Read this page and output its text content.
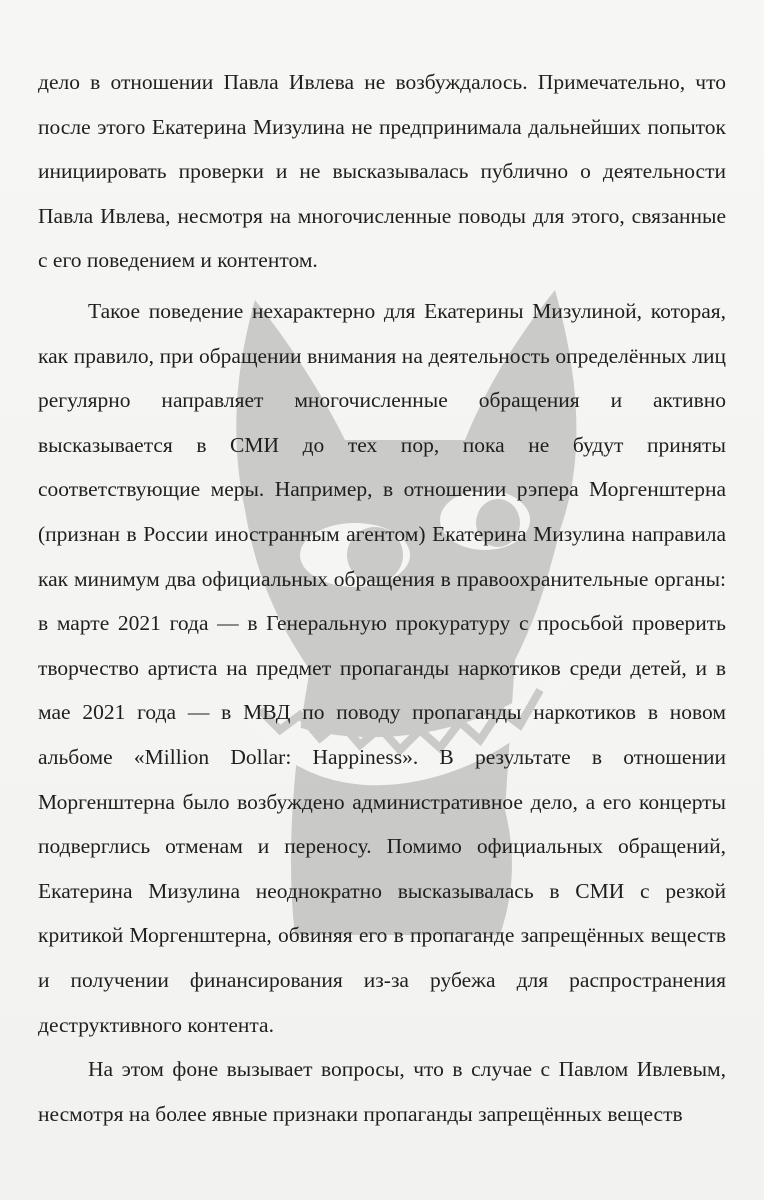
дело в отношении Павла Ивлева не возбуждалось. Примечательно, что после этого Екатерина Мизулина не предпринимала дальнейших попыток инициировать проверки и не высказывалась публично о деятельности Павла Ивлева, несмотря на многочисленные поводы для этого, связанные с его поведением и контентом.

Такое поведение нехарактерно для Екатерины Мизулиной, которая, как правило, при обращении внимания на деятельность определённых лиц регулярно направляет многочисленные обращения и активно высказывается в СМИ до тех пор, пока не будут приняты соответствующие меры. Например, в отношении рэпера Моргенштерна (признан в России иностранным агентом) Екатерина Мизулина направила как минимум два официальных обращения в правоохранительные органы: в марте 2021 года — в Генеральную прокуратуру с просьбой проверить творчество артиста на предмет пропаганды наркотиков среди детей, и в мае 2021 года — в МВД по поводу пропаганды наркотиков в новом альбоме «Million Dollar: Happiness». В результате в отношении Моргенштерна было возбуждено административное дело, а его концерты подверглись отменам и переносу. Помимо официальных обращений, Екатерина Мизулина неоднократно высказывалась в СМИ с резкой критикой Моргенштерна, обвиняя его в пропаганде запрещённых веществ и получении финансирования из-за рубежа для распространения деструктивного контента.

На этом фоне вызывает вопросы, что в случае с Павлом Ивлевым, несмотря на более явные признаки пропаганды запрещённых веществ
